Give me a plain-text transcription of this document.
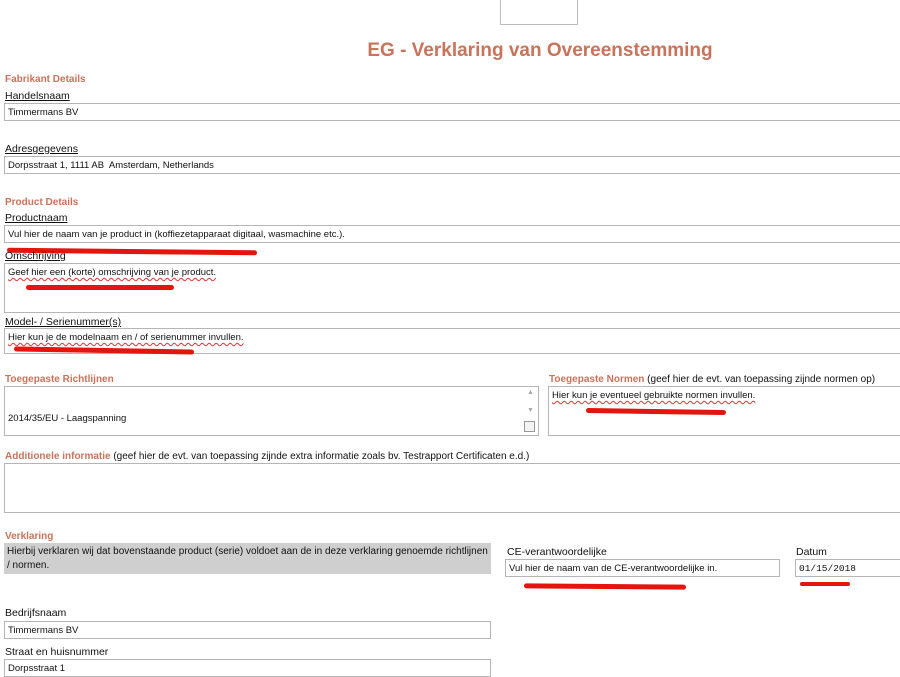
EG - Verklaring van Overeenstemming
Fabrikant Details
Handelsnaam
Timmermans BV
Adresgegevens
Dorpsstraat 1, 1111 AB  Amsterdam, Netherlands
Product Details
Productnaam
Vul hier de naam van je product in (koffiezetapparaat digitaal, wasmachine etc.).
Omschrijving
Geef hier een (korte) omschrijving van je product.
Model- / Serienummer(s)
Hier kun je de modelnaam en / of serienummer invullen.
Toegepaste Richtlijnen

2014/35/EU - Laagspanning

▲
▼
Toegepaste Normen (geef hier de evt. van toepassing zijnde normen op)
Hier kun je eventueel gebruikte normen invullen.
Additionele informatie (geef hier de evt. van toepassing zijnde extra informatie zoals bv. Testrapport Certificaten e.d.)
Verklaring
Hierbij verklaren wij dat bovenstaande product (serie) voldoet aan de in deze verklaring genoemde richtlijnen / normen.
CE-verantwoordelijke
Vul hier de naam van de CE-verantwoordelijke in.
Datum
01/15/2018
Bedrijfsnaam
Timmermans BV
Straat en huisnummer
Dorpsstraat 1
